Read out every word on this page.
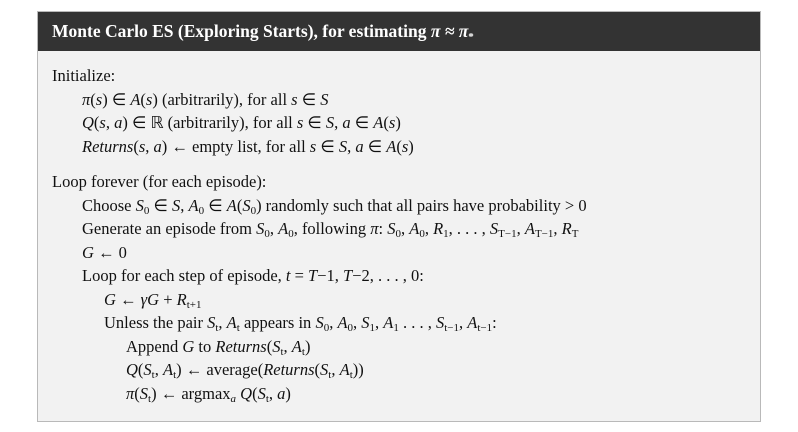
Monte Carlo ES (Exploring Starts), for estimating $\pi \approx \pi_*$
Initialize:
π(s) ∈ A(s) (arbitrarily), for all s ∈ S
Q(s, a) ∈ ℝ (arbitrarily), for all s ∈ S, a ∈ A(s)
Returns(s, a) ← empty list, for all s ∈ S, a ∈ A(s)
Loop forever (for each episode):
Choose $S_0$ ∈ S, $A_0$ ∈ $A(S_0)$ randomly such that all pairs have probability > 0
Generate an episode from $S_0$, $A_0$, following π: $S_0$, $A_0$, $R_1$, . . . , $S_{T-1}$, $A_{T-1}$, $R_T$
G ← 0
Loop for each step of episode, t = T−1, T−2, . . . , 0:
G ← $\gamma G + R_{t+1}$
Unless the pair $S_t$, $A_t$ appears in $S_0$, $A_0$, $S_1$, $A_1$ . . . , $S_{t-1}$, $A_{t-1}$:
Append G to $Returns(S_t$, $A_t$)
$Q(S_t$, $A_t$) ← $average(Returns(S_t$, $A_t$))
$\pi(S_t)$ ← argmax$_a$ $Q(S_t$, a)
